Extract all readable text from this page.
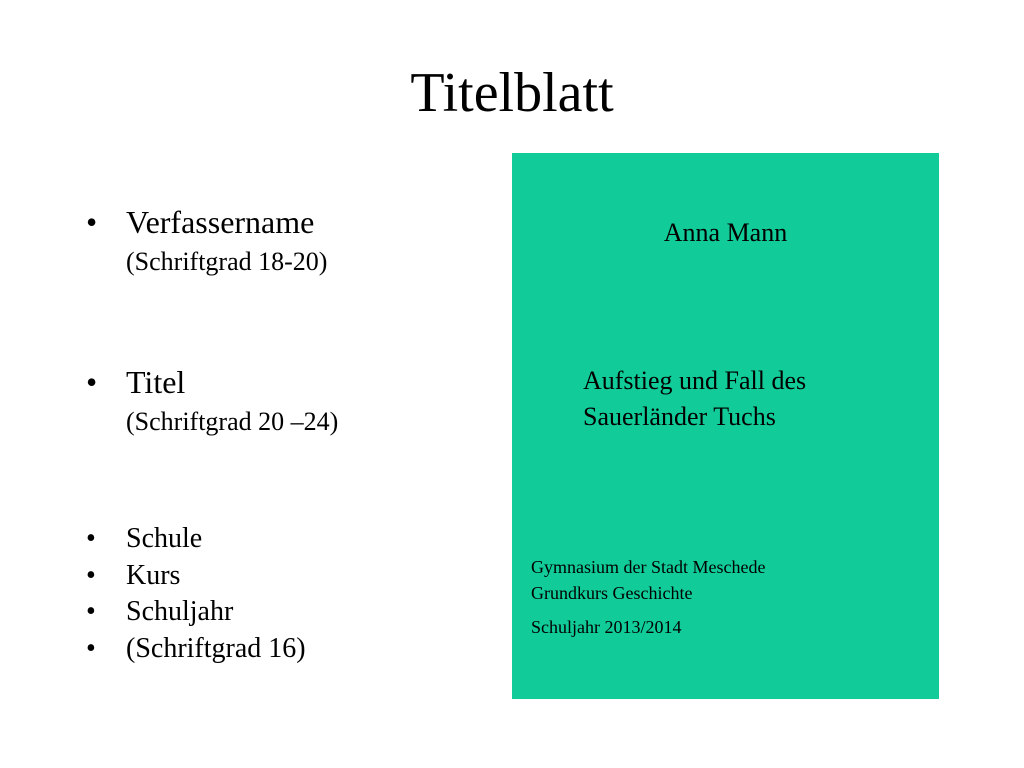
Titelblatt
• Verfassername
(Schriftgrad 18-20)
• Titel
(Schriftgrad 20 –24)
• Schule
• Kurs
• Schuljahr
• (Schriftgrad 16)
Anna Mann
Aufstieg und Fall des
Sauerländer Tuchs
Gymnasium der Stadt Meschede
Grundkurs Geschichte
Schuljahr 2013/2014
